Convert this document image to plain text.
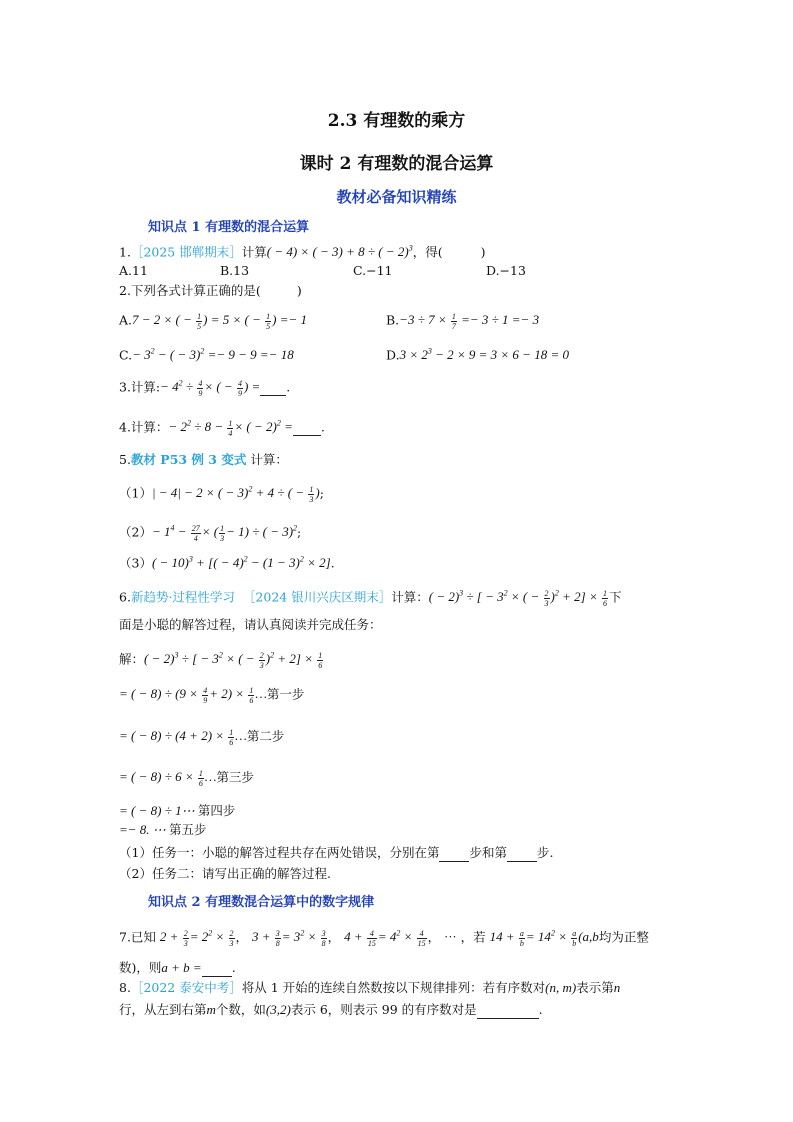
2.3 有理数的乘方
课时 2 有理数的混合运算
教材必备知识精练
知识点 1 有理数的混合运算
1.［2025 邯郸期末］计算( − 4) × ( − 3) + 8 ÷ ( − 2)$^3$，得(	)
A.11	B.13	C.−11	D.−13
2.下列各式计算正确的是(	)
A.7 − 2 × ( − $\frac{1}{5}$ ) = 5 × ( − $\frac{1}{5}$ ) =− 1	$B.-3 \div 7 \times \frac{1}{7} =- 3 \div 1 =- 3$
$C.- 3^2$ − ( − 3)$^2$ =− 9 − 9 =− 18	$D.3 \times 2^3 - 2 \times 9 = 3 \times 6 - 18 = 0$
3.计算:− $4^2 \div \frac{4}{9}$ × ( − $\frac{4}{9}$ ) = .
4.计算：− $2^2 \div 8 - \frac{1}{4}$ × ( − 2)$^2$ = .
5.教材 P53 例 3 变式 计算：
（1）| − 4| − 2 × ( − 3)$^2$ + 4 ÷ ( − $\frac{1}{3}$ );
$(2)- 1^4 - \frac{27}{4}$ × ( $\frac{1}{3} - 1$) ÷ ( − 3)$^2$;
$(3)( - 10)^3$ + [( − $4)^2 - (1 - 3)^2 \times 2$].
6.新趋势·过程性学习 ［2024 银川兴庆区期末］计算：( − 2)$^3$ ÷ [ − $3^2$ × ( − $\frac{2}{3} )^2 + 2] \times \frac{1}{6}$ 下
面是小聪的解答过程，请认真阅读并完成任务：
解：( − 2)$^3$ ÷ [ − $3^2$ × ( − $\frac{2}{3} )^2 + 2] \times \frac{1}{6}$
= ( − $8) \div (9 \times \frac{4}{9} + 2) \times \frac{1}{6}$ …第一步
= ( − $8) \div (4 + 2) \times \frac{1}{6}$ …第二步
= ( − $8) \div 6 \times \frac{1}{6}$ …第三步
= ( − 8) ÷ 1⋯ 第四步
=− 8. ⋯ 第五步
（1）任务一：小聪的解答过程共存在两处错误，分别在第 步和第 步.
（2）任务二：请写出正确的解答过程.
知识点 2 有理数混合运算中的数字规律
7.已知 $2 + \frac{2}{3} = 2^2 \times \frac{2}{3}$ ， $3 + \frac{3}{8} = 3^2 \times \frac{3}{8}$ ， $4 + \frac{4}{15} = 4^2 \times \frac{4}{15}$ ， ⋯ ，若 $14 + \frac{a}{b} = 14^2 \times \frac{a}{b} (a,b$均为正整
数)，则a + b = .
8.［2022 泰安中考］将从 1 开始的连续自然数按以下规律排列：若有序数对(n, m)表示第n
行，从左到右第m个数，如(3,2)表示 6，则表示 99 的有序数对是	.
